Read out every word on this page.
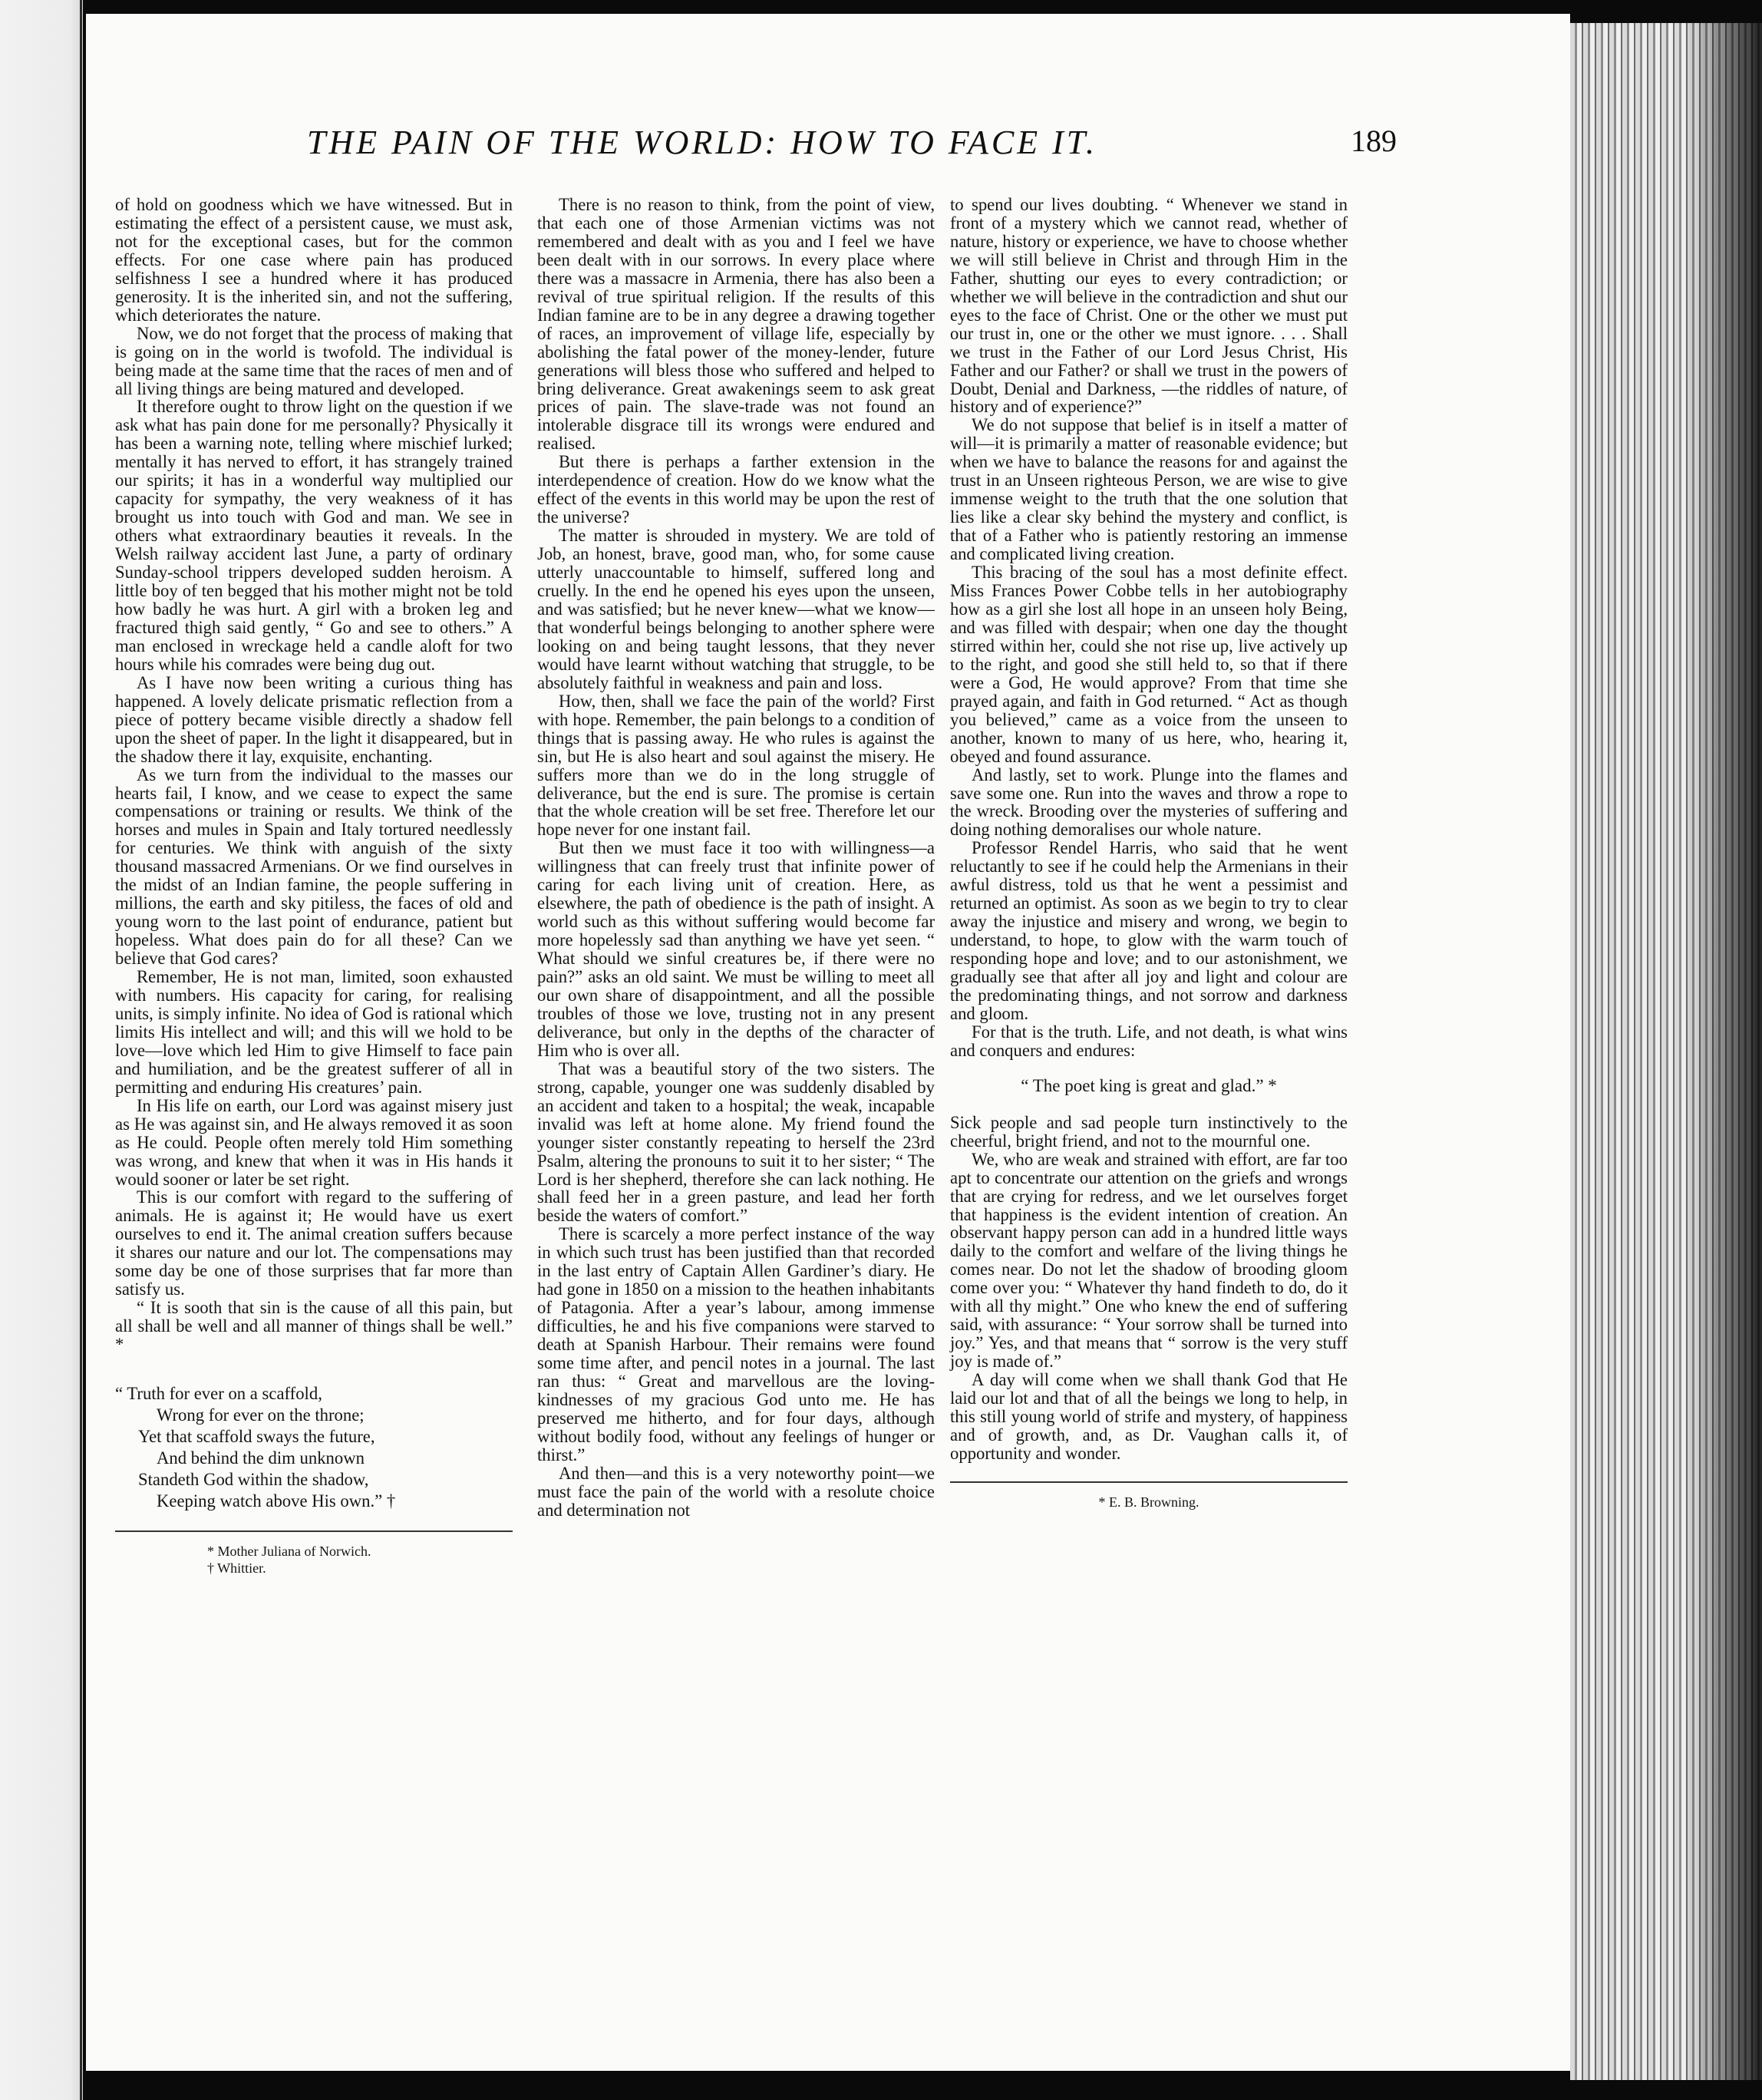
THE PAIN OF THE WORLD: HOW TO FACE IT.	189

of hold on goodness which we have witnessed. But in estimating the effect of a persistent cause, we must ask, not for the exceptional cases, but for the common effects. For one case where pain has produced selfishness I see a hundred where it has produced generosity. It is the inherited sin, and not the suffering, which deteriorates the nature.

Now, we do not forget that the process of making that is going on in the world is twofold. The individual is being made at the same time that the races of men and of all living things are being matured and developed.

It therefore ought to throw light on the question if we ask what has pain done for me personally? Physically it has been a warning note, telling where mischief lurked; mentally it has nerved to effort, it has strangely trained our spirits; it has in a wonderful way multiplied our capacity for sympathy, the very weakness of it has brought us into touch with God and man. We see in others what extraordinary beauties it reveals. In the Welsh railway accident last June, a party of ordinary Sunday-school trippers developed sudden heroism. A little boy of ten begged that his mother might not be told how badly he was hurt. A girl with a broken leg and fractured thigh said gently, “ Go and see to others.” A man enclosed in wreckage held a candle aloft for two hours while his comrades were being dug out.

As I have now been writing a curious thing has happened. A lovely delicate prismatic reflection from a piece of pottery became visible directly a shadow fell upon the sheet of paper. In the light it disappeared, but in the shadow there it lay, exquisite, enchanting.

As we turn from the individual to the masses our hearts fail, I know, and we cease to expect the same compensations or training or results. We think of the horses and mules in Spain and Italy tortured needlessly for centuries. We think with anguish of the sixty thousand massacred Armenians. Or we find ourselves in the midst of an Indian famine, the people suffering in millions, the earth and sky pitiless, the faces of old and young worn to the last point of endurance, patient but hopeless. What does pain do for all these? Can we believe that God cares?

Remember, He is not man, limited, soon exhausted with numbers. His capacity for caring, for realising units, is simply infinite. No idea of God is rational which limits His intellect and will; and this will we hold to be love—love which led Him to give Himself to face pain and humiliation, and be the greatest sufferer of all in permitting and enduring His creatures’ pain.

In His life on earth, our Lord was against misery just as He was against sin, and He always removed it as soon as He could. People often merely told Him something was wrong, and knew that when it was in His hands it would sooner or later be set right.

This is our comfort with regard to the suffering of animals. He is against it; He would have us exert ourselves to end it. The animal creation suffers because it shares our nature and our lot. The compensations may some day be one of those surprises that far more than satisfy us.

“ It is sooth that sin is the cause of all this pain, but all shall be well and all manner of things shall be well.” *

“ Truth for ever on a scaffold,
Wrong for ever on the throne;
Yet that scaffold sways the future,
And behind the dim unknown
Standeth God within the shadow,
Keeping watch above His own.” †
* Mother Juliana of Norwich.
† Whittier.

There is no reason to think, from the point of view, that each one of those Armenian victims was not remembered and dealt with as you and I feel we have been dealt with in our sorrows. In every place where there was a massacre in Armenia, there has also been a revival of true spiritual religion. If the results of this Indian famine are to be in any degree a drawing together of races, an improvement of village life, especially by abolishing the fatal power of the money-lender, future generations will bless those who suffered and helped to bring deliverance. Great awakenings seem to ask great prices of pain. The slave-trade was not found an intolerable disgrace till its wrongs were endured and realised.

But there is perhaps a farther extension in the interdependence of creation. How do we know what the effect of the events in this world may be upon the rest of the universe?

The matter is shrouded in mystery. We are told of Job, an honest, brave, good man, who, for some cause utterly unaccountable to himself, suffered long and cruelly. In the end he opened his eyes upon the unseen, and was satisfied; but he never knew—what we know—that wonderful beings belonging to another sphere were looking on and being taught lessons, that they never would have learnt without watching that struggle, to be absolutely faithful in weakness and pain and loss.

How, then, shall we face the pain of the world? First with hope. Remember, the pain belongs to a condition of things that is passing away. He who rules is against the sin, but He is also heart and soul against the misery. He suffers more than we do in the long struggle of deliverance, but the end is sure. The promise is certain that the whole creation will be set free. Therefore let our hope never for one instant fail.

But then we must face it too with willingness—a willingness that can freely trust that infinite power of caring for each living unit of creation. Here, as elsewhere, the path of obedience is the path of insight. A world such as this without suffering would become far more hopelessly sad than anything we have yet seen. “ What should we sinful creatures be, if there were no pain?” asks an old saint. We must be willing to meet all our own share of disappointment, and all the possible troubles of those we love, trusting not in any present deliverance, but only in the depths of the character of Him who is over all.

That was a beautiful story of the two sisters. The strong, capable, younger one was suddenly disabled by an accident and taken to a hospital; the weak, incapable invalid was left at home alone. My friend found the younger sister constantly repeating to herself the 23rd Psalm, altering the pronouns to suit it to her sister; “ The Lord is her shepherd, therefore she can lack nothing. He shall feed her in a green pasture, and lead her forth beside the waters of comfort.”

There is scarcely a more perfect instance of the way in which such trust has been justified than that recorded in the last entry of Captain Allen Gardiner’s diary. He had gone in 1850 on a mission to the heathen inhabitants of Patagonia. After a year’s labour, among immense difficulties, he and his five companions were starved to death at Spanish Harbour. Their remains were found some time after, and pencil notes in a journal. The last ran thus: “ Great and marvellous are the loving-kindnesses of my gracious God unto me. He has preserved me hitherto, and for four days, although without bodily food, without any feelings of hunger or thirst.”

And then—and this is a very noteworthy point—we must face the pain of the world with a resolute choice and determination not

to spend our lives doubting. “ Whenever we stand in front of a mystery which we cannot read, whether of nature, history or experience, we have to choose whether we will still believe in Christ and through Him in the Father, shutting our eyes to every contradiction; or whether we will believe in the contradiction and shut our eyes to the face of Christ. One or the other we must put our trust in, one or the other we must ignore. . . . Shall we trust in the Father of our Lord Jesus Christ, His Father and our Father? or shall we trust in the powers of Doubt, Denial and Darkness, —the riddles of nature, of history and of experience?”

We do not suppose that belief is in itself a matter of will—it is primarily a matter of reasonable evidence; but when we have to balance the reasons for and against the trust in an Unseen righteous Person, we are wise to give immense weight to the truth that the one solution that lies like a clear sky behind the mystery and conflict, is that of a Father who is patiently restoring an immense and complicated living creation.

This bracing of the soul has a most definite effect. Miss Frances Power Cobbe tells in her autobiography how as a girl she lost all hope in an unseen holy Being, and was filled with despair; when one day the thought stirred within her, could she not rise up, live actively up to the right, and good she still held to, so that if there were a God, He would approve? From that time she prayed again, and faith in God returned. “ Act as though you believed,” came as a voice from the unseen to another, known to many of us here, who, hearing it, obeyed and found assurance.

And lastly, set to work. Plunge into the flames and save some one. Run into the waves and throw a rope to the wreck. Brooding over the mysteries of suffering and doing nothing demoralises our whole nature.

Professor Rendel Harris, who said that he went reluctantly to see if he could help the Armenians in their awful distress, told us that he went a pessimist and returned an optimist. As soon as we begin to try to clear away the injustice and misery and wrong, we begin to understand, to hope, to glow with the warm touch of responding hope and love; and to our astonishment, we gradually see that after all joy and light and colour are the predominating things, and not sorrow and darkness and gloom.

For that is the truth. Life, and not death, is what wins and conquers and endures:

“ The poet king is great and glad.” *

Sick people and sad people turn instinctively to the cheerful, bright friend, and not to the mournful one.

We, who are weak and strained with effort, are far too apt to concentrate our attention on the griefs and wrongs that are crying for redress, and we let ourselves forget that happiness is the evident intention of creation. An observant happy person can add in a hundred little ways daily to the comfort and welfare of the living things he comes near. Do not let the shadow of brooding gloom come over you: “ Whatever thy hand findeth to do, do it with all thy might.” One who knew the end of suffering said, with assurance: “ Your sorrow shall be turned into joy.” Yes, and that means that “ sorrow is the very stuff joy is made of.”

A day will come when we shall thank God that He laid our lot and that of all the beings we long to help, in this still young world of strife and mystery, of happiness and of growth, and, as Dr. Vaughan calls it, of opportunity and wonder.

* E. B. Browning.
